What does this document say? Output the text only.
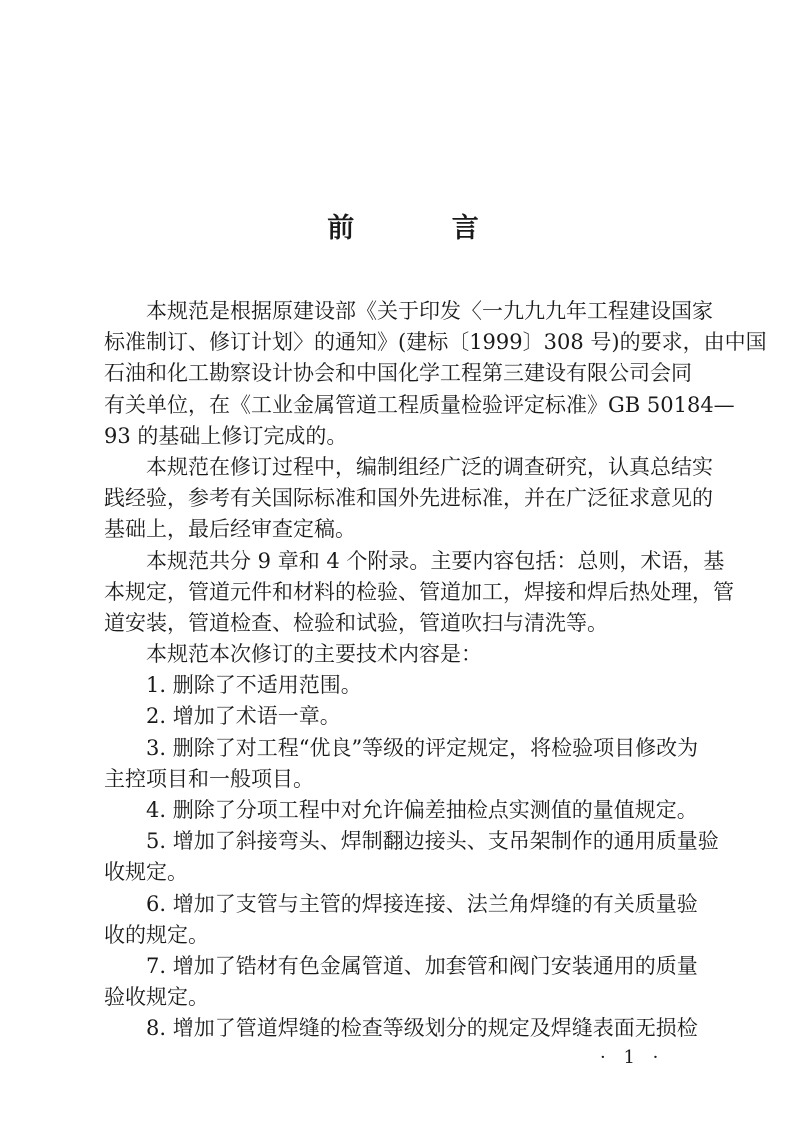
前 言
本规范是根据原建设部《关于印发〈一九九九年工程建设国家
标准制订、修订计划〉的通知》(建标〔1999〕308 号)的要求，由中国
石油和化工勘察设计协会和中国化学工程第三建设有限公司会同
有关单位，在《工业金属管道工程质量检验评定标准》GB 50184—
93 的基础上修订完成的。
本规范在修订过程中，编制组经广泛的调查研究，认真总结实
践经验，参考有关国际标准和国外先进标准，并在广泛征求意见的
基础上，最后经审查定稿。
本规范共分 9 章和 4 个附录。主要内容包括：总则，术语，基
本规定，管道元件和材料的检验、管道加工，焊接和焊后热处理，管
道安装，管道检查、检验和试验，管道吹扫与清洗等。
本规范本次修订的主要技术内容是：
1. 删除了不适用范围。
2. 增加了术语一章。
3. 删除了对工程“优良”等级的评定规定，将检验项目修改为
主控项目和一般项目。
4. 删除了分项工程中对允许偏差抽检点实测值的量值规定。
5. 增加了斜接弯头、焊制翻边接头、支吊架制作的通用质量验
收规定。
6. 增加了支管与主管的焊接连接、法兰角焊缝的有关质量验
收的规定。
7. 增加了锆材有色金属管道、加套管和阀门安装通用的质量
验收规定。
8. 增加了管道焊缝的检查等级划分的规定及焊缝表面无损检
· 1 ·
